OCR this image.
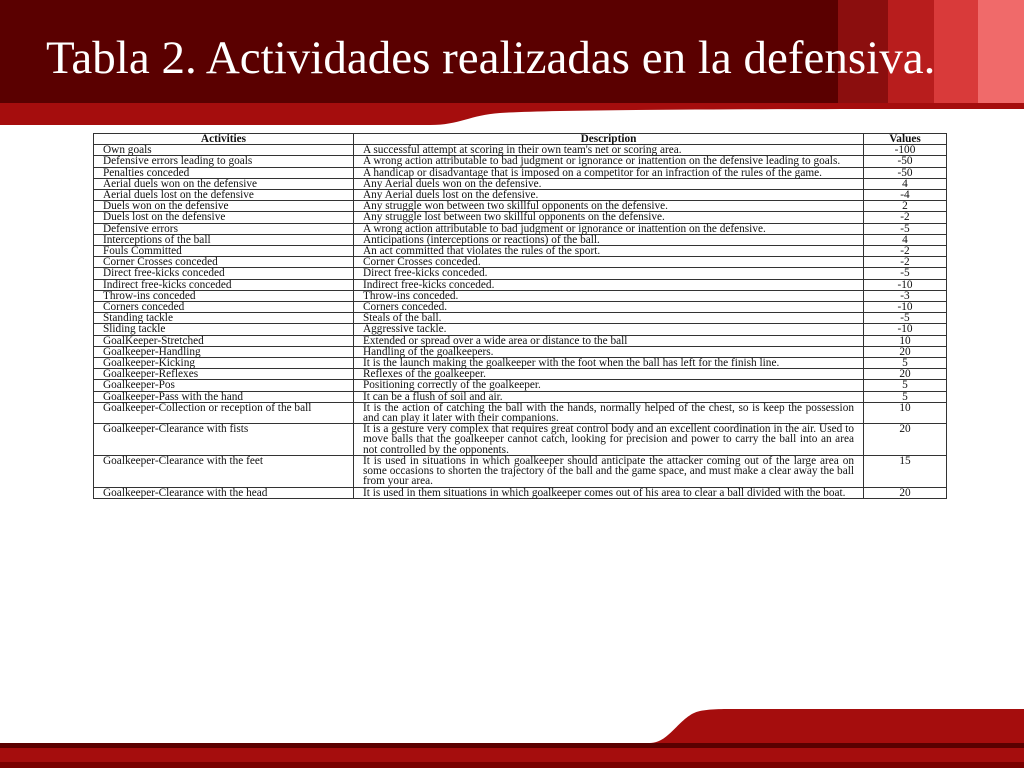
Tabla 2. Actividades realizadas en la defensiva.
Activities	Description	Values
Own goals	A successful attempt at scoring in their own team's net or scoring area.	-100
Defensive errors leading to goals	A wrong action attributable to bad judgment or ignorance or inattention on the defensive leading to goals.	-50
Penalties conceded	A handicap or disadvantage that is imposed on a competitor for an infraction of the rules of the game.	-50
Aerial duels won on the defensive	Any Aerial duels won on the defensive.	4
Aerial duels lost on the defensive	Any Aerial duels lost on the defensive.	-4
Duels won on the defensive	Any struggle won between two skillful opponents on the defensive.	2
Duels lost on the defensive	Any struggle lost between two skillful opponents on the defensive.	-2
Defensive errors	A wrong action attributable to bad judgment or ignorance or inattention on the defensive.	-5
Interceptions of the ball	Anticipations (interceptions or reactions) of the ball.	4
Fouls Committed	An act committed that violates the rules of the sport.	-2
Corner Crosses conceded	Corner Crosses conceded.	-2
Direct free-kicks conceded	Direct free-kicks conceded.	-5
Indirect free-kicks conceded	Indirect free-kicks conceded.	-10
Throw-ins conceded	Throw-ins conceded.	-3
Corners conceded	Corners conceded.	-10
Standing tackle	Steals of the ball.	-5
Sliding tackle	Aggressive tackle.	-10
GoalKeeper-Stretched	Extended or spread over a wide area or distance to the ball	10
Goalkeeper-Handling	Handling of the goalkeepers.	20
Goalkeeper-Kicking	It is the launch making the goalkeeper with the foot when the ball has left for the finish line.	5
Goalkeeper-Reflexes	Reflexes of the goalkeeper.	20
Goalkeeper-Pos	Positioning correctly of the goalkeeper.	5
Goalkeeper-Pass with the hand	It can be a flush of soil and air.	5
Goalkeeper-Collection or reception of the ball	It is the action of catching the ball with the hands, normally helped of the chest, so is keep the possession and can play it later with their companions.	10
Goalkeeper-Clearance with fists	It is a gesture very complex that requires great control body and an excellent coordination in the air. Used to move balls that the goalkeeper cannot catch, looking for precision and power to carry the ball into an area not controlled by the opponents.	20
Goalkeeper-Clearance with the feet	It is used in situations in which goalkeeper should anticipate the attacker coming out of the large area on some occasions to shorten the trajectory of the ball and the game space, and must make a clear away the ball from your area.	15
Goalkeeper-Clearance with the head	It is used in them situations in which goalkeeper comes out of his area to clear a ball divided with the boat.	20
